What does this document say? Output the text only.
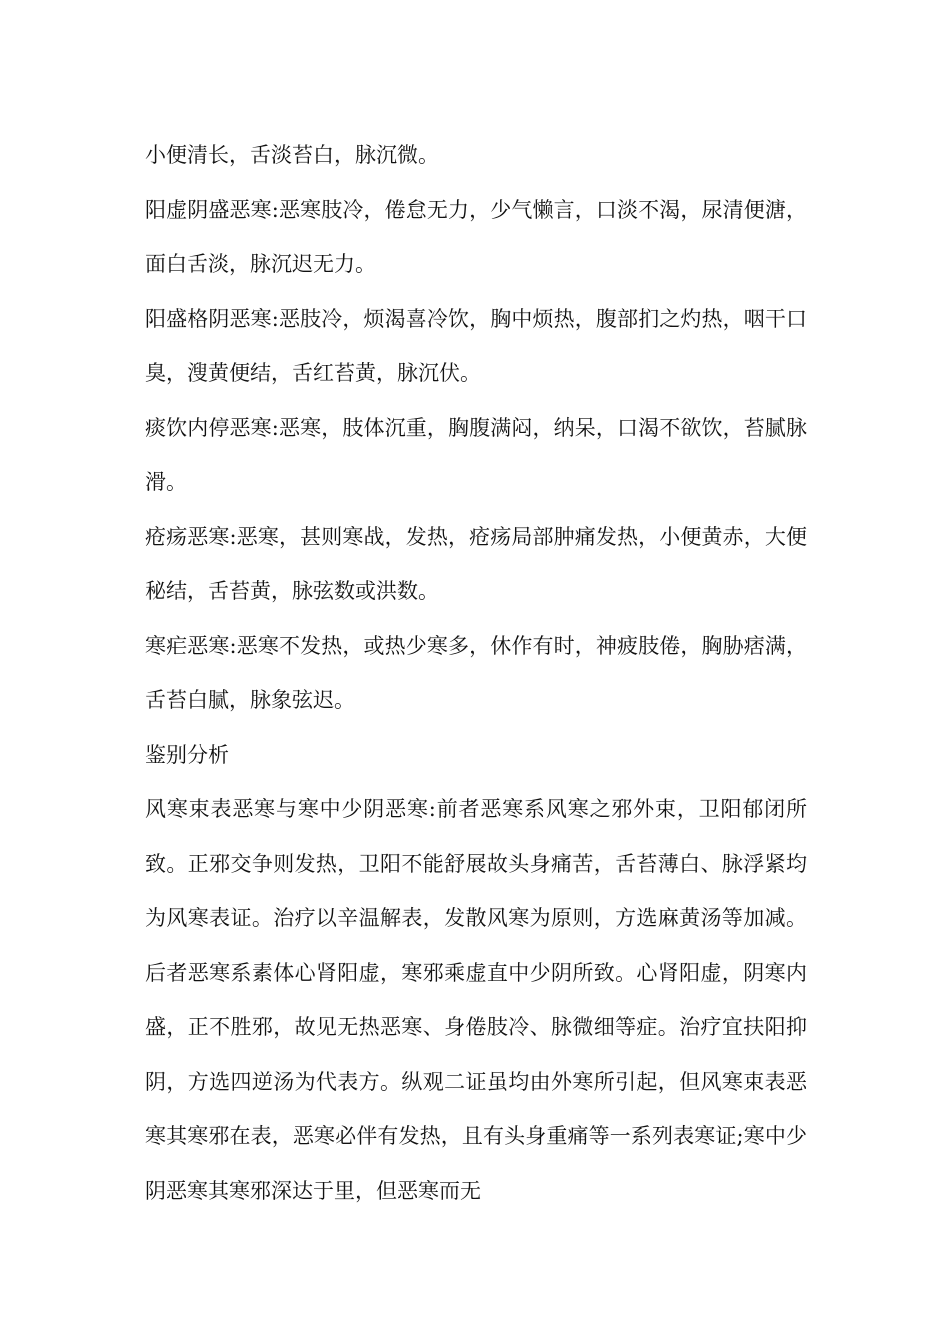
小便清长，舌淡苔白，脉沉微。

阳虚阴盛恶寒:恶寒肢冷，倦怠无力，少气懒言，口淡不渴，尿清便溏，面白舌淡，脉沉迟无力。

阳盛格阴恶寒:恶肢冷，烦渴喜冷饮，胸中烦热，腹部扪之灼热，咽干口臭，溲黄便结，舌红苔黄，脉沉伏。

痰饮内停恶寒:恶寒，肢体沉重，胸腹满闷，纳呆，口渴不欲饮，苔腻脉滑。

疮疡恶寒:恶寒，甚则寒战，发热，疮疡局部肿痛发热，小便黄赤，大便秘结，舌苔黄，脉弦数或洪数。

寒疟恶寒:恶寒不发热，或热少寒多，休作有时，神疲肢倦，胸胁痞满，舌苔白腻，脉象弦迟。

鉴别分析

风寒束表恶寒与寒中少阴恶寒:前者恶寒系风寒之邪外束，卫阳郁闭所致。正邪交争则发热，卫阳不能舒展故头身痛苦，舌苔薄白、脉浮紧均为风寒表证。治疗以辛温解表，发散风寒为原则，方选麻黄汤等加减。后者恶寒系素体心肾阳虚，寒邪乘虚直中少阴所致。心肾阳虚，阴寒内盛，正不胜邪，故见无热恶寒、身倦肢冷、脉微细等症。治疗宜扶阳抑阴，方选四逆汤为代表方。纵观二证虽均由外寒所引起，但风寒束表恶寒其寒邪在表，恶寒必伴有发热，且有头身重痛等一系列表寒证;寒中少阴恶寒其寒邪深达于里，但恶寒而无
